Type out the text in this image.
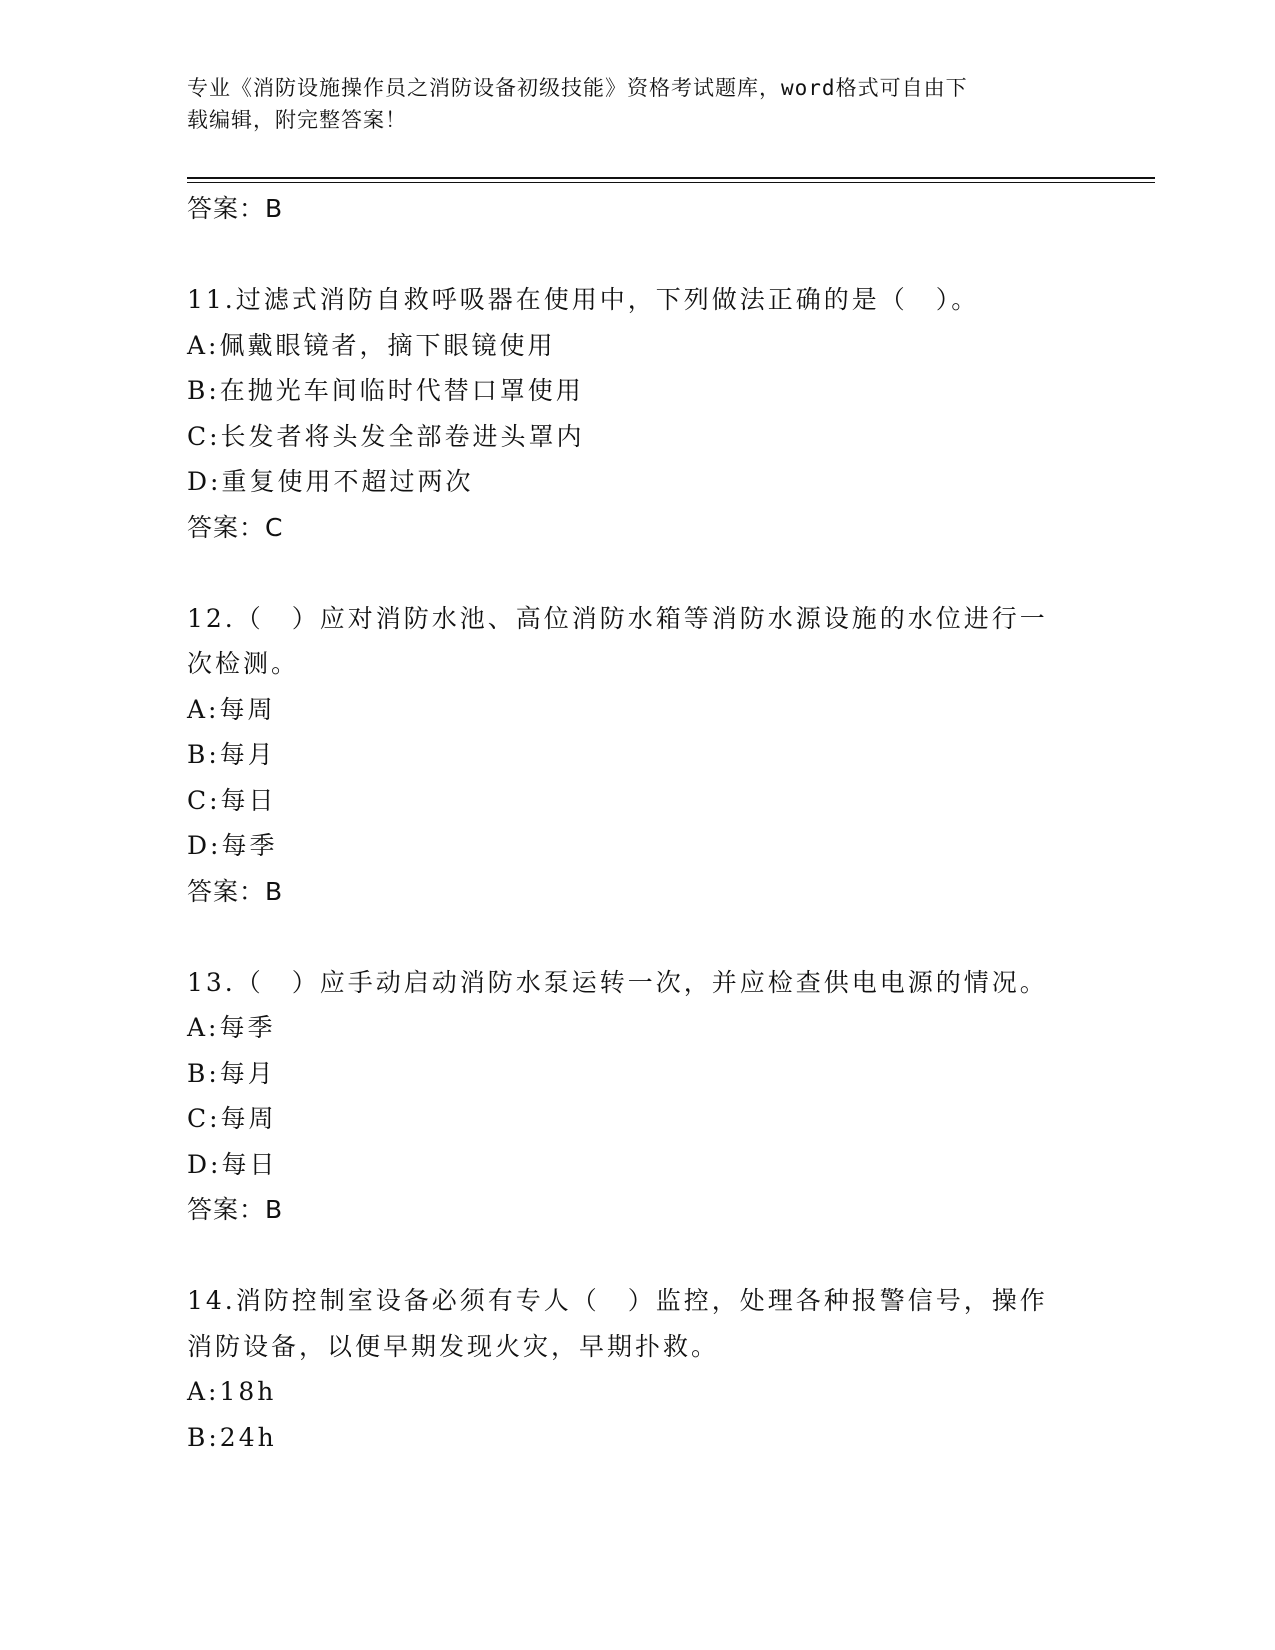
专业《消防设施操作员之消防设备初级技能》资格考试题库，word格式可自由下
载编辑，附完整答案！
答案：B
11.过滤式消防自救呼吸器在使用中，下列做法正确的是（　）。
A:佩戴眼镜者，摘下眼镜使用
B:在抛光车间临时代替口罩使用
C:长发者将头发全部卷进头罩内
D:重复使用不超过两次
答案：C
12.（　）应对消防水池、高位消防水箱等消防水源设施的水位进行一
次检测。
A:每周
B:每月
C:每日
D:每季
答案：B
13.（　）应手动启动消防水泵运转一次，并应检查供电电源的情况。
A:每季
B:每月
C:每周
D:每日
答案：B
14.消防控制室设备必须有专人（　）监控，处理各种报警信号，操作
消防设备，以便早期发现火灾，早期扑救。
A:18h
B:24h
